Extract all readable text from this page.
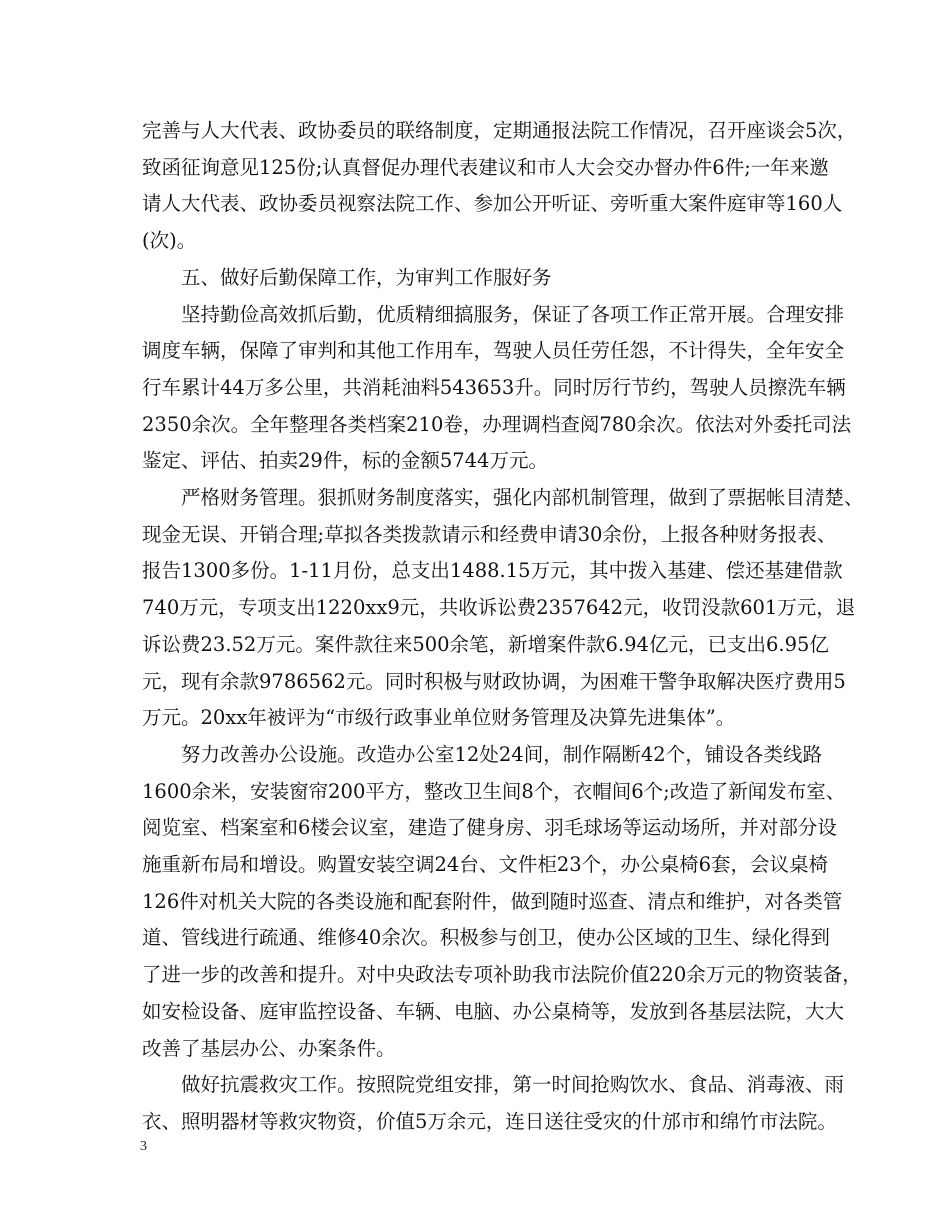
完善与人大代表、政协委员的联络制度，定期通报法院工作情况，召开座谈会5次，
致函征询意见125份;认真督促办理代表建议和市人大会交办督办件6件;一年来邀
请人大代表、政协委员视察法院工作、参加公开听证、旁听重大案件庭审等160人
(次)。
五、做好后勤保障工作，为审判工作服好务
坚持勤俭高效抓后勤，优质精细搞服务，保证了各项工作正常开展。合理安排
调度车辆，保障了审判和其他工作用车，驾驶人员任劳任怨，不计得失，全年安全
行车累计44万多公里，共消耗油料543653升。同时厉行节约，驾驶人员擦洗车辆
2350余次。全年整理各类档案210卷，办理调档查阅780余次。依法对外委托司法
鉴定、评估、拍卖29件，标的金额5744万元。
严格财务管理。狠抓财务制度落实，强化内部机制管理，做到了票据帐目清楚、
现金无误、开销合理;草拟各类拨款请示和经费申请30余份，上报各种财务报表、
报告1300多份。1-11月份，总支出1488.15万元，其中拨入基建、偿还基建借款
740万元，专项支出1220xx9元，共收诉讼费2357642元，收罚没款601万元，退
诉讼费23.52万元。案件款往来500余笔，新增案件款6.94亿元，已支出6.95亿
元，现有余款9786562元。同时积极与财政协调，为困难干警争取解决医疗费用5
万元。20xx年被评为“市级行政事业单位财务管理及决算先进集体”。
努力改善办公设施。改造办公室12处24间，制作隔断42个，铺设各类线路
1600余米，安装窗帘200平方，整改卫生间8个，衣帽间6个;改造了新闻发布室、
阅览室、档案室和6楼会议室，建造了健身房、羽毛球场等运动场所，并对部分设
施重新布局和增设。购置安装空调24台、文件柜23个，办公桌椅6套，会议桌椅
126件对机关大院的各类设施和配套附件，做到随时巡查、清点和维护，对各类管
道、管线进行疏通、维修40余次。积极参与创卫，使办公区域的卫生、绿化得到
了进一步的改善和提升。对中央政法专项补助我市法院价值220余万元的物资装备，
如安检设备、庭审监控设备、车辆、电脑、办公桌椅等，发放到各基层法院，大大
改善了基层办公、办案条件。
做好抗震救灾工作。按照院党组安排，第一时间抢购饮水、食品、消毒液、雨
衣、照明器材等救灾物资，价值5万余元，连日送往受灾的什邡市和绵竹市法院。
3
